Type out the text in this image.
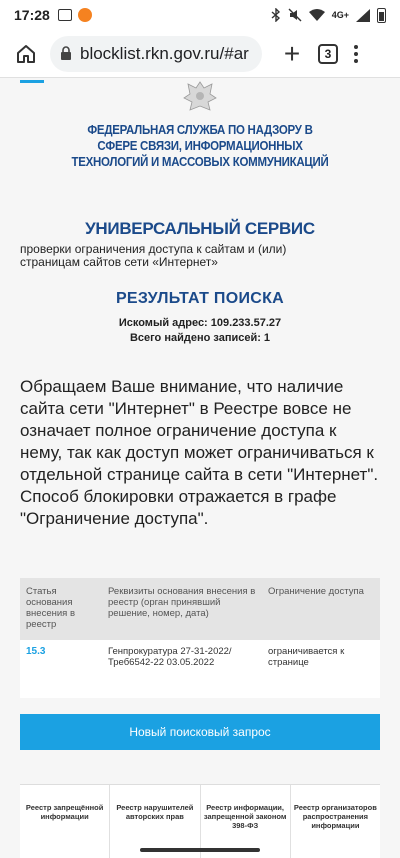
17:28	4G+
blocklist.rkn.gov.ru/#ar +	3
ФЕДЕРАЛЬНАЯ СЛУЖБА ПО НАДЗОРУ В
СФЕРЕ СВЯЗИ, ИНФОРМАЦИОННЫХ
ТЕХНОЛОГИЙ И МАССОВЫХ КОММУНИКАЦИЙ
УНИВЕРСАЛЬНЫЙ СЕРВИС
проверки ограничения доступа к сайтам и (или)
страницам сайтов сети «Интернет»
РЕЗУЛЬТАТ ПОИСКА
Искомый адрес: 109.233.57.27
Всего найдено записей: 1
Обращаем Ваше внимание, что наличие сайта сети "Интернет" в Реестре вовсе не означает полное ограничение доступа к нему, так как доступ может ограничиваться к отдельной странице сайта в сети "Интернет". Способ блокировки отражается в графе "Ограничение доступа".
Статья основания внесения в реестр	Реквизиты основания внесения в реестр (орган принявший решение, номер, дата)	Ограничение доступа
15.3	Генпрокуратура 27-31-2022/Треб6542-22 03.05.2022	ограничивается к странице
Новый поисковый запрос
Реестр запрещённой информации
Реестр нарушителей авторских прав
Реестр информации, запрещенной законом 398-ФЗ
Реестр организаторов распространения информации
